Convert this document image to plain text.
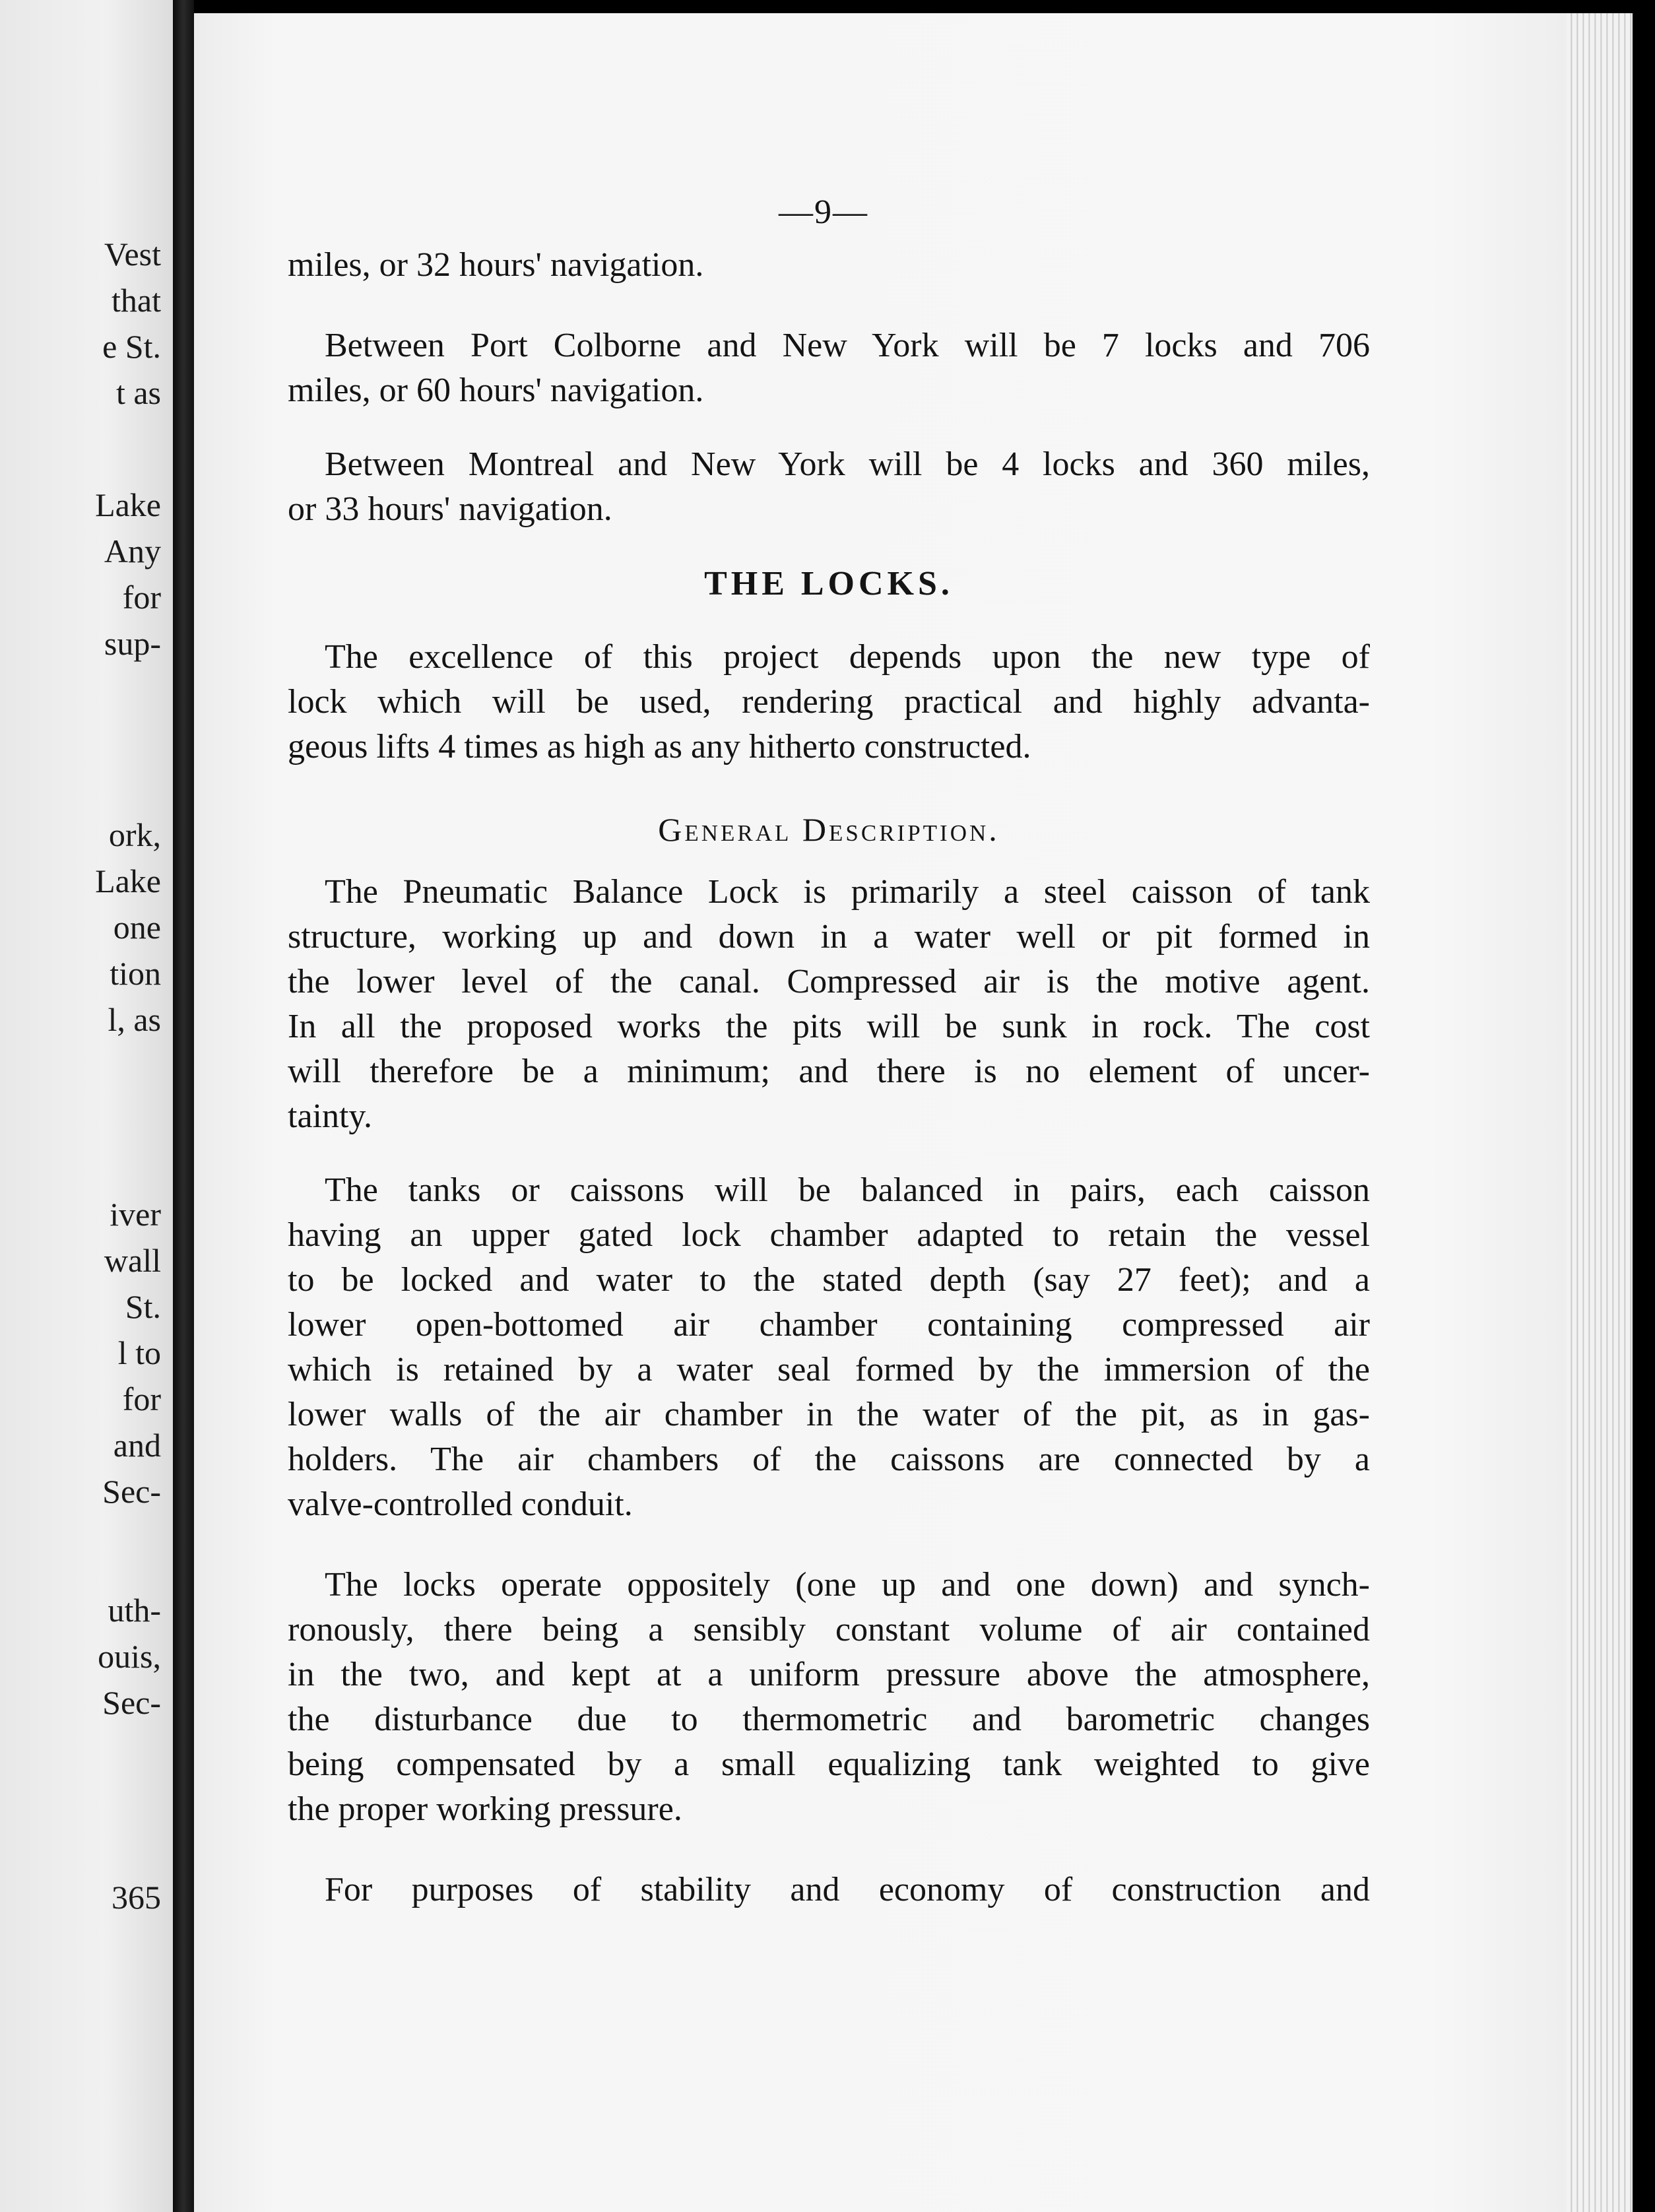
Vest
that
e St.
t as
Lake
Any
for
sup-
ork,
Lake
one
tion
l, as
iver
wall
St.
l to
for
and
Sec-
uth-
ouis,
Sec-
365
—9—
miles, or 32 hours' navigation.
Between Port Colborne and New York will be 7 locks and 706
miles, or 60 hours' navigation.
Between Montreal and New York will be 4 locks and 360 miles,
or 33 hours' navigation.
THE LOCKS.
The excellence of this project depends upon the new type of
lock which will be used, rendering practical and highly advanta-
geous lifts 4 times as high as any hitherto constructed.
General Description.
The Pneumatic Balance Lock is primarily a steel caisson of tank
structure, working up and down in a water well or pit formed in
the lower level of the canal. Compressed air is the motive agent.
In all the proposed works the pits will be sunk in rock. The cost
will therefore be a minimum; and there is no element of uncer-
tainty.
The tanks or caissons will be balanced in pairs, each caisson
having an upper gated lock chamber adapted to retain the vessel
to be locked and water to the stated depth (say 27 feet); and a
lower open-bottomed air chamber containing compressed air
which is retained by a water seal formed by the immersion of the
lower walls of the air chamber in the water of the pit, as in gas-
holders. The air chambers of the caissons are connected by a
valve-controlled conduit.
The locks operate oppositely (one up and one down) and synch-
ronously, there being a sensibly constant volume of air contained
in the two, and kept at a uniform pressure above the atmosphere,
the disturbance due to thermometric and barometric changes
being compensated by a small equalizing tank weighted to give
the proper working pressure.
For purposes of stability and economy of construction and
